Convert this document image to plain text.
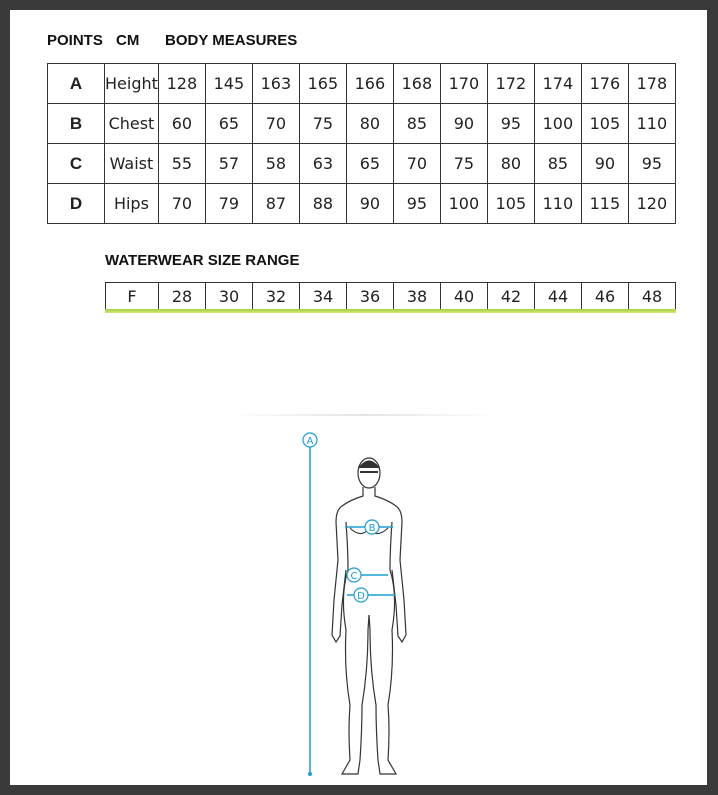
POINTS CM BODY MEASURES
A	Height	128	145	163	165	166	168	170	172	174	176	178
B	Chest	60	65	70	75	80	85	90	95	100	105	110
C	Waist	55	57	58	63	65	70	75	80	85	90	95
D	Hips	70	79	87	88	90	95	100	105	110	115	120
WATERWEAR SIZE RANGE
F	28	30	32	34	36	38	40	42	44	46	48
A
B
C
D
